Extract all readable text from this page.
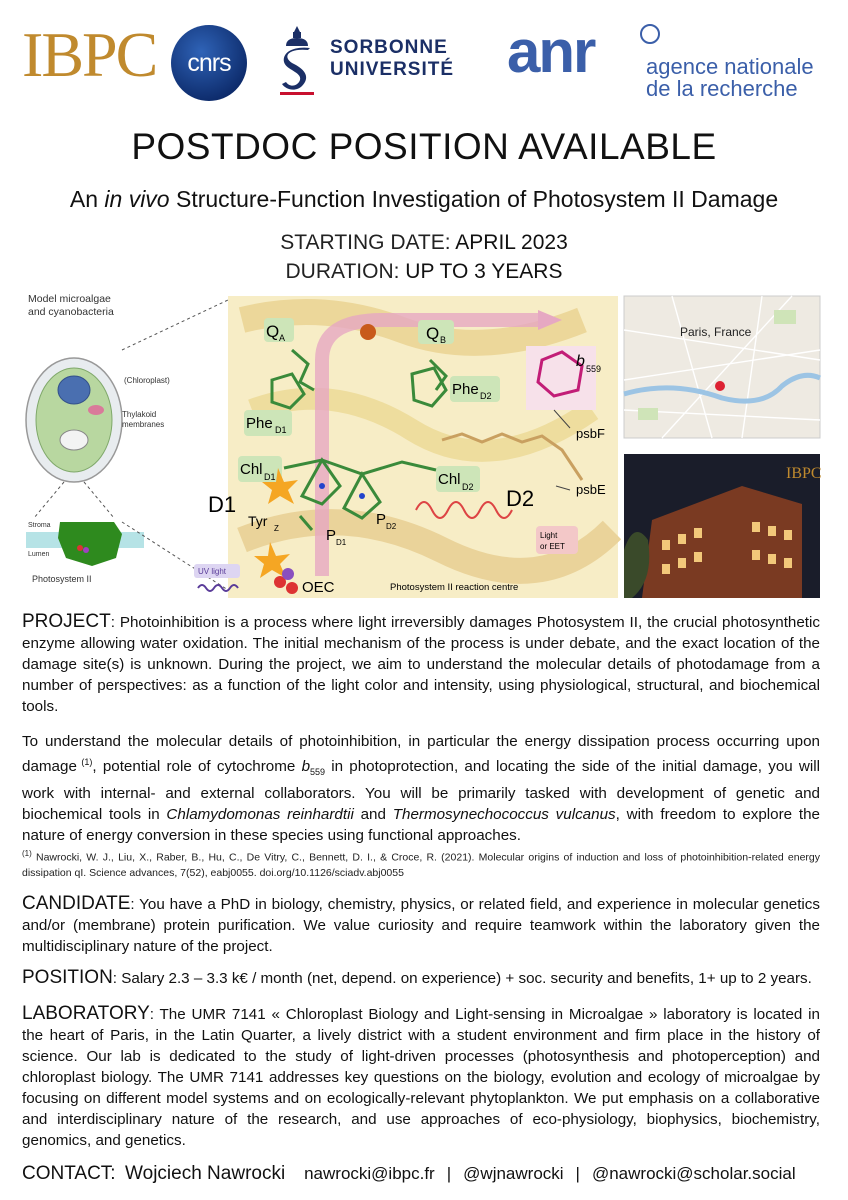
IBPC	cnrs
SORBONNE
UNIVERSITÉ anr agence nationale
de la recherche
POSTDOC POSITION AVAILABLE
An in vivo Structure-Function Investigation of Photosystem II Damage
STARTING DATE: APRIL 2023
DURATION: UP TO 3 YEARS
Model microalgae
and cyanobacteria
(Chloroplast)
Thylakoid
membranes
Stroma
Lumen
Photosystem II
Q A	Q B
Phe D1
Phe D2
Chl D1	Chl D2
D1	D2
Tyr Z	P D1
P D2
OEC
UV light
Light
or EET
Photosystem II reaction centre
b 559
psbF
psbE
Paris, France
IBPC
PROJECT: Photoinhibition is a process where light irreversibly damages Photosystem II, the crucial photosynthetic enzyme allowing water oxidation. The initial mechanism of the process is under debate, and the exact location of the damage site(s) is unknown. During the project, we aim to understand the molecular details of photodamage from a number of perspectives: as a function of the light color and intensity, using physiological, structural, and biochemical tools.
To understand the molecular details of photoinhibition, in particular the energy dissipation process occurring upon damage $^{(1)}$, potential role of cytochrome $b_{559}$ in photoprotection, and locating the side of the initial damage, you will work with internal- and external collaborators. You will be primarily tasked with development of genetic and biochemical tools in Chlamydomonas reinhardtii and Thermosynechococcus vulcanus, with freedom to explore the nature of energy conversion in these species using functional approaches.
$^{(1)}$ Nawrocki, W. J., Liu, X., Raber, B., Hu, C., De Vitry, C., Bennett, D. I., & Croce, R. (2021). Molecular origins of induction and loss of photoinhibition-related energy dissipation qI. Science advances, 7(52), eabj0055. doi.org/10.1126/sciadv.abj0055
CANDIDATE: You have a PhD in biology, chemistry, physics, or related field, and experience in molecular genetics and/or (membrane) protein purification. We value curiosity and require teamwork within the laboratory given the multidisciplinary nature of the project.
POSITION: Salary 2.3 – 3.3 k€ / month (net, depend. on experience) + soc. security and benefits, 1+ up to 2 years.
LABORATORY: The UMR 7141 « Chloroplast Biology and Light-sensing in Microalgae » laboratory is located in the heart of Paris, in the Latin Quarter, a lively district with a student environment and firm place in the history of science. Our lab is dedicated to the study of light-driven processes (photosynthesis and photoperception) and chloroplast biology. The UMR 7141 addresses key questions on the biology, evolution and ecology of microalgae by focusing on different model systems and on ecologically-relevant phytoplankton. We put emphasis on a collaborative and interdisciplinary nature of the research, and use approaches of eco-physiology, biophysics, biochemistry, genomics, and genetics.
CONTACT: Wojciech Nawrocki nawrocki@ibpc.fr | @wjnawrocki | @nawrocki@scholar.social
